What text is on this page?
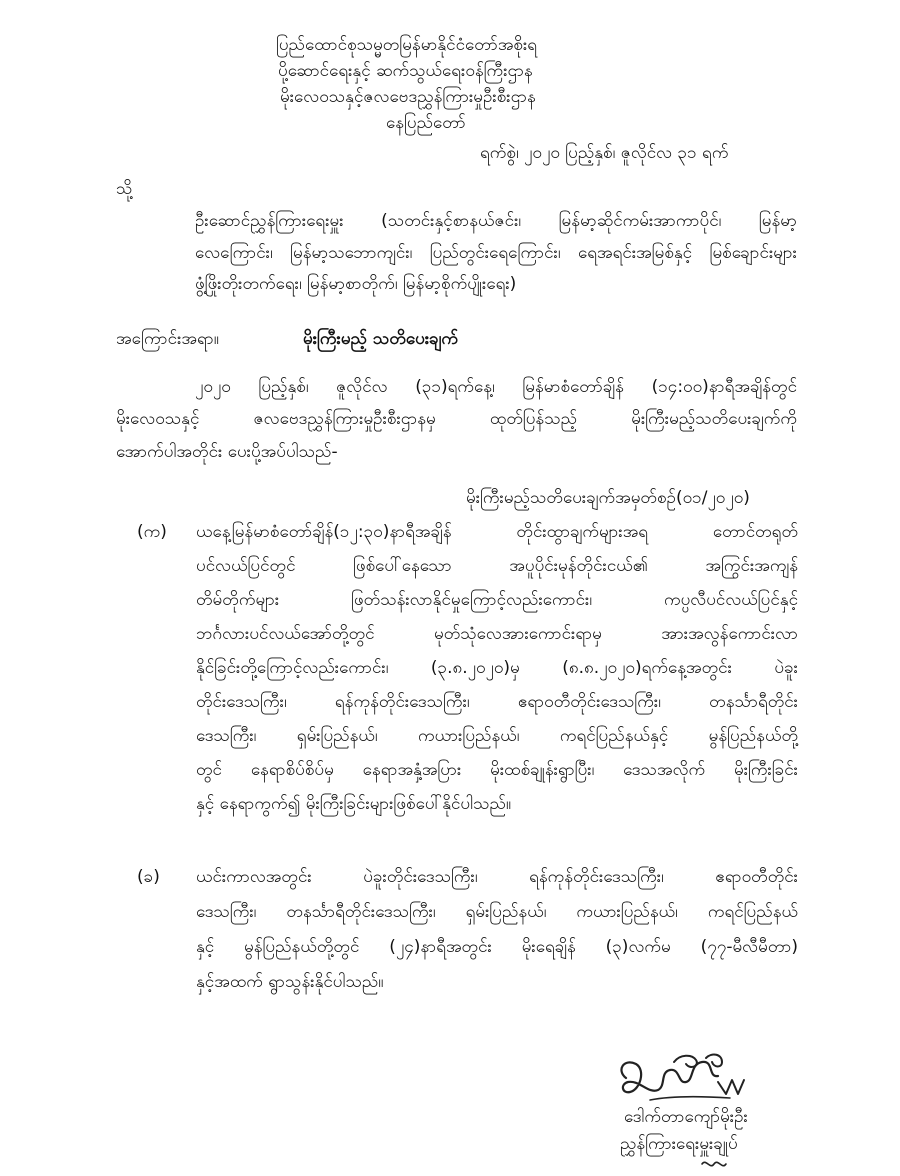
ပြည်ထောင်စုသမ္မတမြန်မာနိုင်ငံတော်အစိုးရ
ပို့ဆောင်ရေးနှင့် ဆက်သွယ်ရေးဝန်ကြီးဌာန
မိုးလေဝသနှင့်ဇလဗေဒညွှန်ကြားမှုဦးစီးဌာန
နေပြည်တော်
ရက်စွဲ၊ ၂၀၂၀ ပြည့်နှစ်၊ ဇူလိုင်လ ၃၁ ရက်
သို့
ဦးဆောင်ညွှန်ကြားရေးမှူး (သတင်းနှင့်စာနယ်ဇင်း၊ မြန်မာ့ဆိုင်ကမ်းအာကာပိုင်၊ မြန်မာ့
လေကြောင်း၊ မြန်မာ့သဘောကျင်း၊ ပြည်တွင်းရေကြောင်း၊ ရေအရင်းအမြစ်နှင့် မြစ်ချောင်းများ
ဖွံ့ဖြိုးတိုးတက်ရေး၊ မြန်မာ့စာတိုက်၊ မြန်မာ့စိုက်ပျိုးရေး)
အကြောင်းအရာ။	မိုးကြီးမည့် သတိပေးချက်
၂၀၂၀ ပြည့်နှစ်၊ ဇူလိုင်လ (၃၁)ရက်နေ့၊ မြန်မာစံတော်ချိန် (၁၄:၀၀)နာရီအချိန်တွင်
မိုးလေဝသနှင့် ဇလဗေဒညွှန်ကြားမှုဦးစီးဌာနမှ ထုတ်ပြန်သည့် မိုးကြီးမည့်သတိပေးချက်ကို
အောက်ပါအတိုင်း ပေးပို့အပ်ပါသည်-
မိုးကြီးမည့်သတိပေးချက်အမှတ်စဉ်(၀၁/၂၀၂၀)
(က) ယနေ့မြန်မာစံတော်ချိန်(၁၂:၃၀)နာရီအချိန် တိုင်းထွာချက်များအရ တောင်တရုတ်
ပင်လယ်ပြင်တွင် ဖြစ်ပေါ်နေသော အပူပိုင်းမုန်တိုင်းငယ်၏ အကြွင်းအကျန်
တိမ်တိုက်များ ဖြတ်သန်းလာနိုင်မှုကြောင့်လည်းကောင်း၊ ကပ္ပလီပင်လယ်ပြင်နှင့်
ဘင်္ဂလားပင်လယ်အော်တို့တွင် မုတ်သုံလေအားကောင်းရာမှ အားအလွန်ကောင်းလာ
နိုင်ခြင်းတို့ကြောင့်လည်းကောင်း၊ (၃.၈.၂၀၂၀)မှ (၈.၈.၂၀၂၀)ရက်နေ့အတွင်း ပဲခူး
တိုင်းဒေသကြီး၊ ရန်ကုန်တိုင်းဒေသကြီး၊ ဧရာဝတီတိုင်းဒေသကြီး၊ တနင်္သာရီတိုင်း
ဒေသကြီး၊ ရှမ်းပြည်နယ်၊ ကယားပြည်နယ်၊ ကရင်ပြည်နယ်နှင့် မွန်ပြည်နယ်တို့
တွင် နေရာစိပ်စိပ်မှ နေရာအနှံ့အပြား မိုးထစ်ချုန်းရွာပြီး၊ ဒေသအလိုက် မိုးကြီးခြင်း
နှင့် နေရာကွက်၍ မိုးကြီးခြင်းများဖြစ်ပေါ်နိုင်ပါသည်။
(ခ) ယင်းကာလအတွင်း ပဲခူးတိုင်းဒေသကြီး၊ ရန်ကုန်တိုင်းဒေသကြီး၊ ဧရာဝတီတိုင်း
ဒေသကြီး၊ တနင်္သာရီတိုင်းဒေသကြီး၊ ရှမ်းပြည်နယ်၊ ကယားပြည်နယ်၊ ကရင်ပြည်နယ်
နှင့် မွန်ပြည်နယ်တို့တွင် (၂၄)နာရီအတွင်း မိုးရေချိန် (၃)လက်မ (၇၇-မီလီမီတာ)
နှင့်အထက် ရွာသွန်းနိုင်ပါသည်။
ဒေါက်တာကျော်မိုးဦး
ညွှန်ကြားရေးမှူးချုပ်
